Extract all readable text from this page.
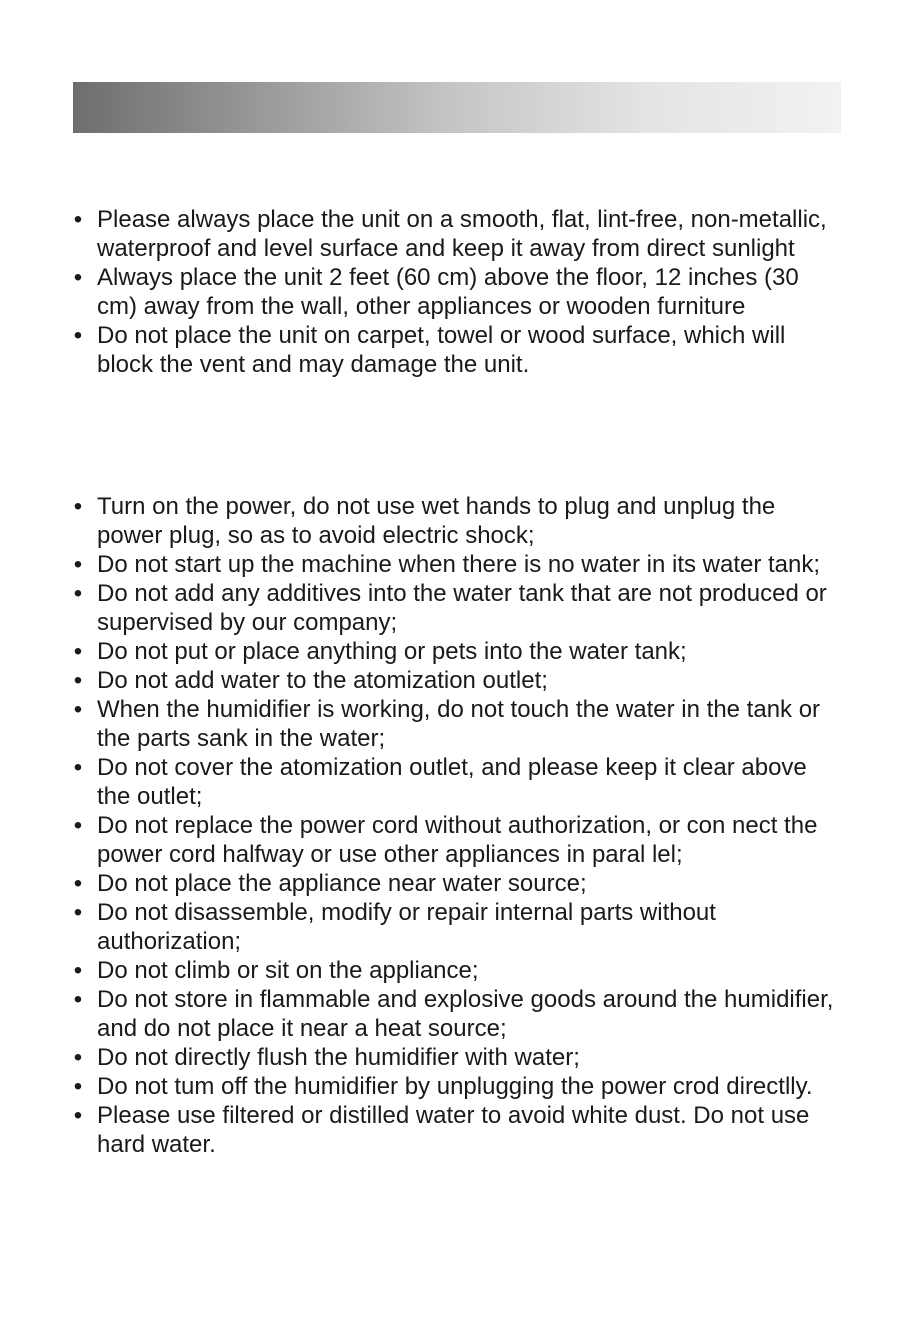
• Please always place the unit on a smooth, flat, lint-free, non-metallic, waterproof and level surface and keep it away from direct sunlight
• Always place the unit 2 feet (60 cm) above the floor, 12 inches (30 cm) away from the wall, other appliances or wooden furniture
• Do not place the unit on carpet, towel or wood surface, which will block the vent and may damage the unit.
• Turn on the power, do not use wet hands to plug and unplug the power plug, so as to avoid electric shock;
• Do not start up the machine when there is no water in its water tank;
• Do not add any additives into the water tank that are not produced or supervised by our company;
• Do not put or place anything or pets into the water tank;
• Do not add water to the atomization outlet;
• When the humidifier is working, do not touch the water in the tank or the parts sank in the water;
• Do not cover the atomization outlet, and please keep it clear above the outlet;
• Do not replace the power cord without authorization, or con nect the power cord halfway or use other appliances in paral lel;
• Do not place the appliance near water source;
• Do not disassemble, modify or repair internal parts without authorization;
• Do not climb or sit on the appliance;
• Do not store in flammable and explosive goods around the humidifier, and do not place it near a heat source;
• Do not directly flush the humidifier with water;
• Do not tum off the humidifier by unplugging the power crod directlly.
• Please use filtered or distilled water to avoid white dust. Do not use hard water.
